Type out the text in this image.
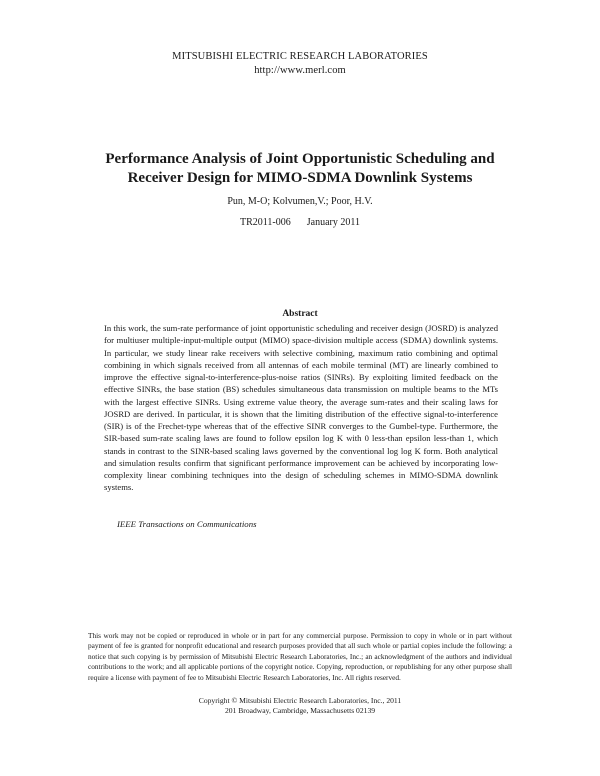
MITSUBISHI ELECTRIC RESEARCH LABORATORIES
http://www.merl.com
Performance Analysis of Joint Opportunistic Scheduling and
Receiver Design for MIMO-SDMA Downlink Systems
Pun, M-O; Kolvumen,V.; Poor, H.V.
TR2011-006 January 2011
Abstract
In this work, the sum-rate performance of joint opportunistic scheduling and receiver design (JOSRD) is analyzed for multiuser multiple-input-multiple output (MIMO) space-division multiple access (SDMA) downlink systems. In particular, we study linear rake receivers with selective combining, maximum ratio combining and optimal combining in which signals received from all antennas of each mobile terminal (MT) are linearly combined to improve the effective signal-to-interference-plus-noise ratios (SINRs). By exploiting limited feedback on the effective SINRs, the base station (BS) schedules simultaneous data transmission on multiple beams to the MTs with the largest effective SINRs. Using extreme value theory, the average sum-rates and their scaling laws for JOSRD are derived. In particular, it is shown that the limiting distribution of the effective signal-to-interference (SIR) is of the Frechet-type whereas that of the effective SINR converges to the Gumbel-type. Furthermore, the SIR-based sum-rate scaling laws are found to follow epsilon log K with 0 less-than epsilon less-than 1, which stands in contrast to the SINR-based scaling laws governed by the conventional log log K form. Both analytical and simulation results confirm that significant performance improvement can be achieved by incorporating low-complexity linear combining techniques into the design of scheduling schemes in MIMO-SDMA downlink systems.
IEEE Transactions on Communications
This work may not be copied or reproduced in whole or in part for any commercial purpose. Permission to copy in whole or in part without payment of fee is granted for nonprofit educational and research purposes provided that all such whole or partial copies include the following: a notice that such copying is by permission of Mitsubishi Electric Research Laboratories, Inc.; an acknowledgment of the authors and individual contributions to the work; and all applicable portions of the copyright notice. Copying, reproduction, or republishing for any other purpose shall require a license with payment of fee to Mitsubishi Electric Research Laboratories, Inc. All rights reserved.
Copyright © Mitsubishi Electric Research Laboratories, Inc., 2011
201 Broadway, Cambridge, Massachusetts 02139
